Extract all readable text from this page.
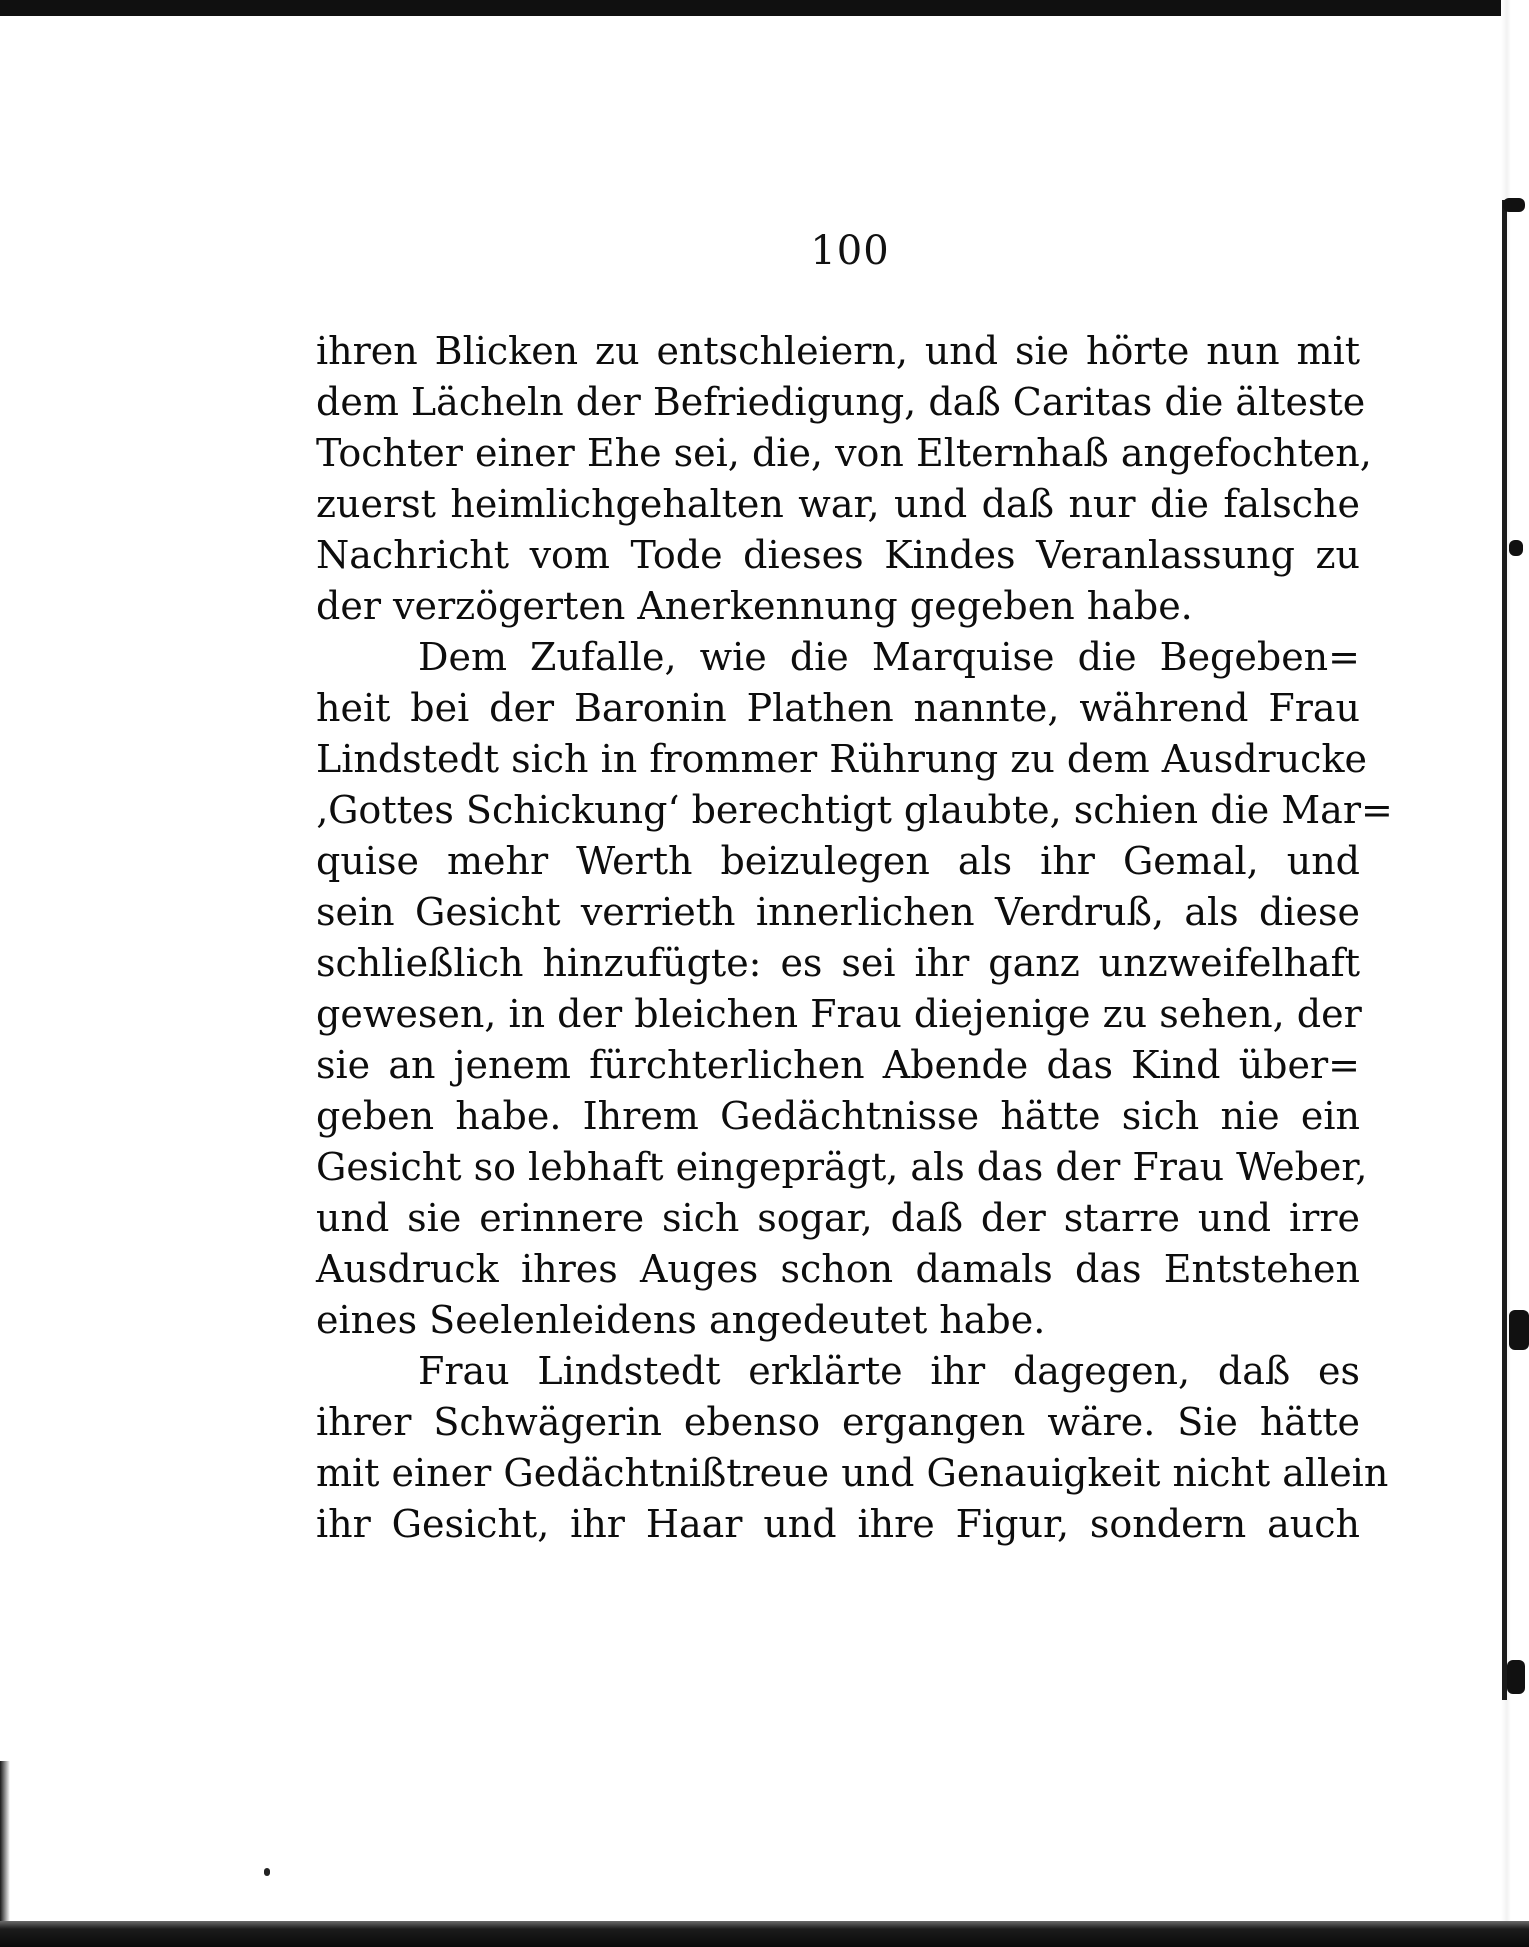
100
ihren Blicken zu entschleiern, und sie hörte nun mit
dem Lächeln der Befriedigung, daß Caritas die älteste
Tochter einer Ehe sei, die, von Elternhaß angefochten,
zuerst heimlichgehalten war, und daß nur die falsche
Nachricht vom Tode dieses Kindes Veranlassung zu
der verzögerten Anerkennung gegeben habe.
Dem Zufalle, wie die Marquise die Begeben=
heit bei der Baronin Plathen nannte, während Frau
Lindstedt sich in frommer Rührung zu dem Ausdrucke
‚Gottes Schickung‘ berechtigt glaubte, schien die Mar=
quise mehr Werth beizulegen als ihr Gemal, und
sein Gesicht verrieth innerlichen Verdruß, als diese
schließlich hinzufügte: es sei ihr ganz unzweifelhaft
gewesen, in der bleichen Frau diejenige zu sehen, der
sie an jenem fürchterlichen Abende das Kind über=
geben habe. Ihrem Gedächtnisse hätte sich nie ein
Gesicht so lebhaft eingeprägt, als das der Frau Weber,
und sie erinnere sich sogar, daß der starre und irre
Ausdruck ihres Auges schon damals das Entstehen
eines Seelenleidens angedeutet habe.
Frau Lindstedt erklärte ihr dagegen, daß es
ihrer Schwägerin ebenso ergangen wäre. Sie hätte
mit einer Gedächtnißtreue und Genauigkeit nicht allein
ihr Gesicht, ihr Haar und ihre Figur, sondern auch
